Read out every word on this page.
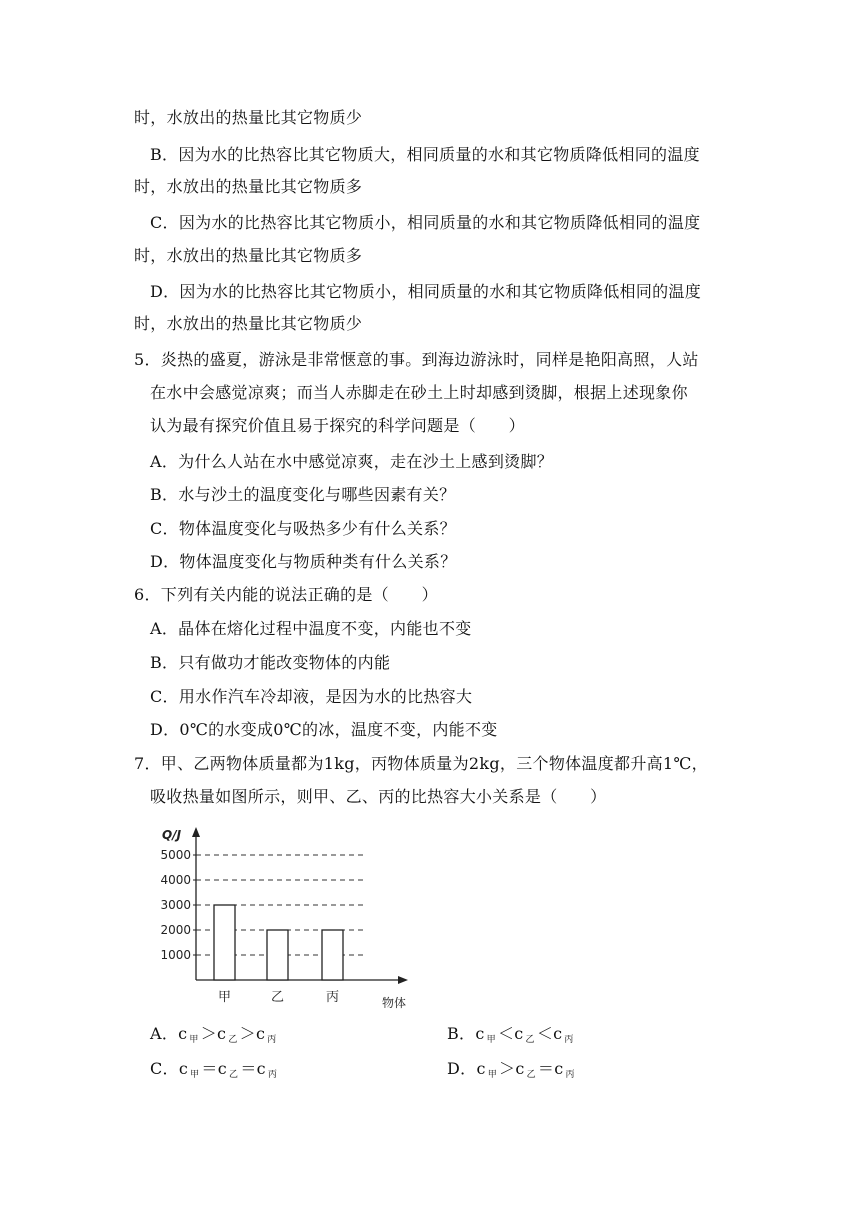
时，水放出的热量比其它物质少
B．因为水的比热容比其它物质大，相同质量的水和其它物质降低相同的温度
时，水放出的热量比其它物质多
C．因为水的比热容比其它物质小，相同质量的水和其它物质降低相同的温度
时，水放出的热量比其它物质多
D．因为水的比热容比其它物质小，相同质量的水和其它物质降低相同的温度
时，水放出的热量比其它物质少
5．炎热的盛夏，游泳是非常惬意的事。到海边游泳时，同样是艳阳高照，人站
在水中会感觉凉爽；而当人赤脚走在砂土上时却感到烫脚，根据上述现象你
认为最有探究价值且易于探究的科学问题是（　　）
A．为什么人站在水中感觉凉爽，走在沙土上感到烫脚？
B．水与沙土的温度变化与哪些因素有关？
C．物体温度变化与吸热多少有什么关系？
D．物体温度变化与物质种类有什么关系？
6．下列有关内能的说法正确的是（　　）
A．晶体在熔化过程中温度不变，内能也不变
B．只有做功才能改变物体的内能
C．用水作汽车冷却液，是因为水的比热容大
D．0℃的水变成0℃的冰，温度不变，内能不变
7．甲、乙两物体质量都为1kg，丙物体质量为2kg，三个物体温度都升高1℃，
吸收热量如图所示，则甲、乙、丙的比热容大小关系是（　　）
Q/J
1000
2000
3000
4000
5000
甲	乙	丙	物体
A．c $_甲$ ＞c $_乙$ ＞c $_丙$	B．c $_甲$ ＜c $_乙$ ＜c $_丙$
C．c $_甲$ ＝c $_乙$ ＝c $_丙$	D．c $_甲$ ＞c $_乙$ ＝c $_丙$
